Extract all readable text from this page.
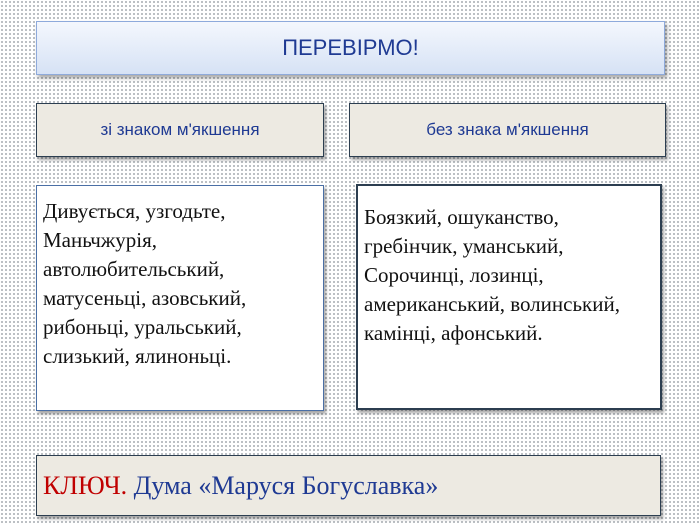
ПЕРЕВІРМО!
зі знаком м'якшення	без знака м'якшення
Дивується, узгодьте, Маньчжурія, автолюбительський, матусеньці, азовський, рибоньці, уральський, слизький, ялиноньці.
Боязкий, ошуканство, гребінчик, уманський, Сорочинці, лозинці, американський, волинський, камінці, афонський.
КЛЮЧ.
Дума «Маруся Богуславка»
